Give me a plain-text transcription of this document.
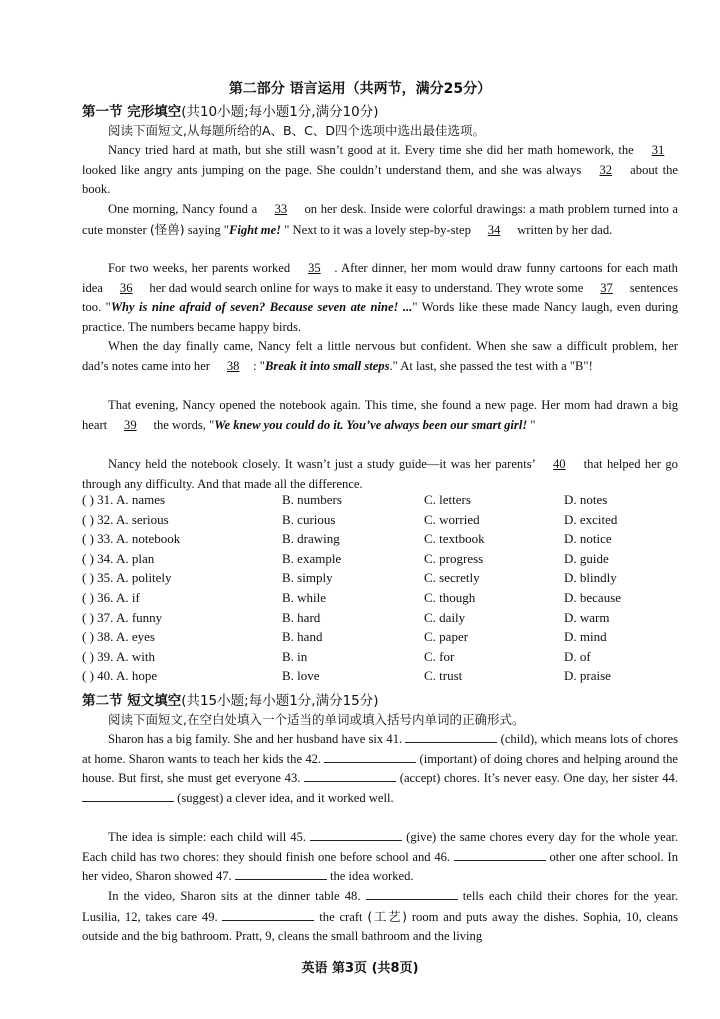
第二部分 语言运用（共两节，满分25分）
第一节 完形填空(共10小题;每小题1分,满分10分)
阅读下面短文,从每题所给的A、B、C、D四个选项中选出最佳选项。
Nancy tried hard at math, but she still wasn’t good at it. Every time she did her math homework, the 31 looked like angry ants jumping on the page. She couldn’t understand them, and she was always 32 about the book.
One morning, Nancy found a 33 on her desk. Inside were colorful drawings: a math problem turned into a cute monster (怪兽) saying "Fight me! " Next to it was a lovely step-by-step 34 written by her dad.
For two weeks, her parents worked 35 . After dinner, her mom would draw funny cartoons for each math idea 36 her dad would search online for ways to make it easy to understand. They wrote some 37 sentences too. "Why is nine afraid of seven? Because seven ate nine! ..." Words like these made Nancy laugh, even during practice. The numbers became happy birds.
When the day finally came, Nancy felt a little nervous but confident. When she saw a difficult problem, her dad’s notes came into her 38 : "Break it into small steps." At last, she passed the test with a "B"!
That evening, Nancy opened the notebook again. This time, she found a new page. Her mom had drawn a big heart 39 the words, "We knew you could do it. You’ve always been our smart girl! "
Nancy held the notebook closely. It wasn’t just a study guide—it was her parents’ 40 that helped her go through any difficulty. And that made all the difference.
( ) 31. A. names	B. numbers	C. letters	D. notes
( ) 32. A. serious	B. curious	C. worried	D. excited
( ) 33. A. notebook	B. drawing	C. textbook	D. notice
( ) 34. A. plan	B. example	C. progress	D. guide
( ) 35. A. politely	B. simply	C. secretly	D. blindly
( ) 36. A. if	B. while	C. though	D. because
( ) 37. A. funny	B. hard	C. daily	D. warm
( ) 38. A. eyes	B. hand	C. paper	D. mind
( ) 39. A. with	B. in	C. for	D. of
( ) 40. A. hope	B. love	C. trust	D. praise
第二节 短文填空(共15小题;每小题1分,满分15分)
阅读下面短文,在空白处填入一个适当的单词或填入括号内单词的正确形式。
Sharon has a big family. She and her husband have six 41.	(child), which means lots of chores at home. Sharon wants to teach her kids the 42.	(important) of doing chores and helping around the house. But first, she must get everyone 43.	(accept) chores. It’s never easy. One day, her sister 44.  (suggest) a clever idea, and it worked well.
The idea is simple: each child will 45.	(give) the same chores every day for the whole year. Each child has two chores: they should finish one before school and 46.	other one after school. In her video, Sharon showed 47.	the idea worked.
In the video, Sharon sits at the dinner table 48.	tells each child their chores for the year. Lusilia, 12, takes care 49.	the craft (工艺) room and puts away the dishes. Sophia, 10, cleans outside and the big bathroom. Pratt, 9, cleans the small bathroom and the living
英语 第3页 (共8页)
